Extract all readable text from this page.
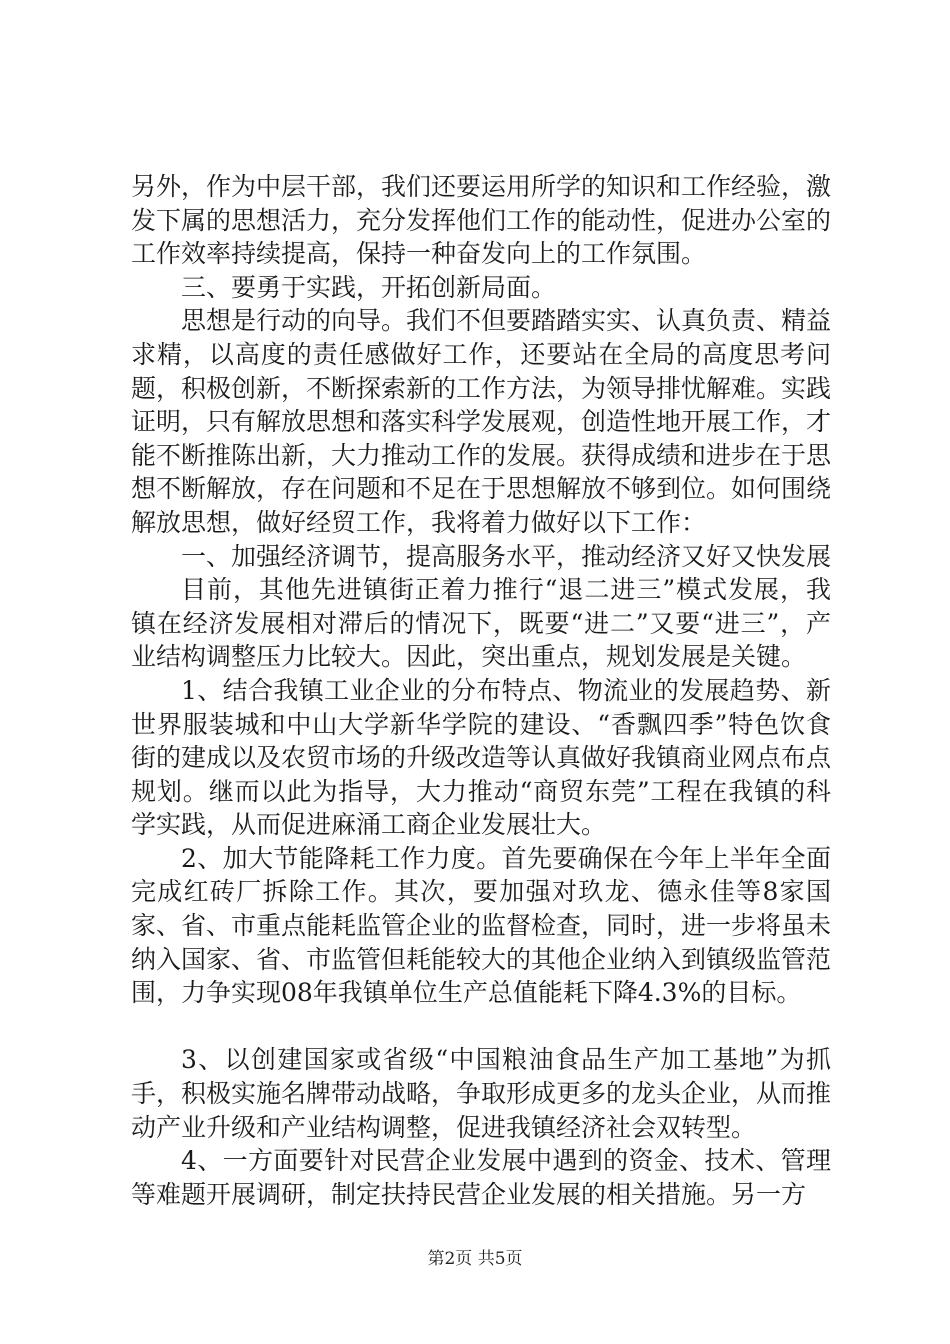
另外，作为中层干部，我们还要运用所学的知识和工作经验，激发下属的思想活力，充分发挥他们工作的能动性，促进办公室的工作效率持续提高，保持一种奋发向上的工作氛围。

三、要勇于实践，开拓创新局面。

思想是行动的向导。我们不但要踏踏实实、认真负责、精益求精，以高度的责任感做好工作，还要站在全局的高度思考问题，积极创新，不断探索新的工作方法，为领导排忧解难。实践证明，只有解放思想和落实科学发展观，创造性地开展工作，才能不断推陈出新，大力推动工作的发展。获得成绩和进步在于思想不断解放，存在问题和不足在于思想解放不够到位。如何围绕解放思想，做好经贸工作，我将着力做好以下工作：

一、加强经济调节，提高服务水平，推动经济又好又快发展

目前，其他先进镇街正着力推行“退二进三”模式发展，我镇在经济发展相对滞后的情况下，既要“进二”又要“进三”，产业结构调整压力比较大。因此，突出重点，规划发展是关键。

1、结合我镇工业企业的分布特点、物流业的发展趋势、新世界服装城和中山大学新华学院的建设、“香飘四季”特色饮食街的建成以及农贸市场的升级改造等认真做好我镇商业网点布点规划。继而以此为指导，大力推动“商贸东莞”工程在我镇的科学实践，从而促进麻涌工商企业发展壮大。

2、加大节能降耗工作力度。首先要确保在今年上半年全面完成红砖厂拆除工作。其次，要加强对玖龙、德永佳等8家国家、省、市重点能耗监管企业的监督检查，同时，进一步将虽未纳入国家、省、市监管但耗能较大的其他企业纳入到镇级监管范围，力争实现08年我镇单位生产总值能耗下降4.3%的目标。

3、以创建国家或省级“中国粮油食品生产加工基地”为抓手，积极实施名牌带动战略，争取形成更多的龙头企业，从而推动产业升级和产业结构调整，促进我镇经济社会双转型。

4、一方面要针对民营企业发展中遇到的资金、技术、管理等难题开展调研，制定扶持民营企业发展的相关措施。另一方

第2页 共5页
